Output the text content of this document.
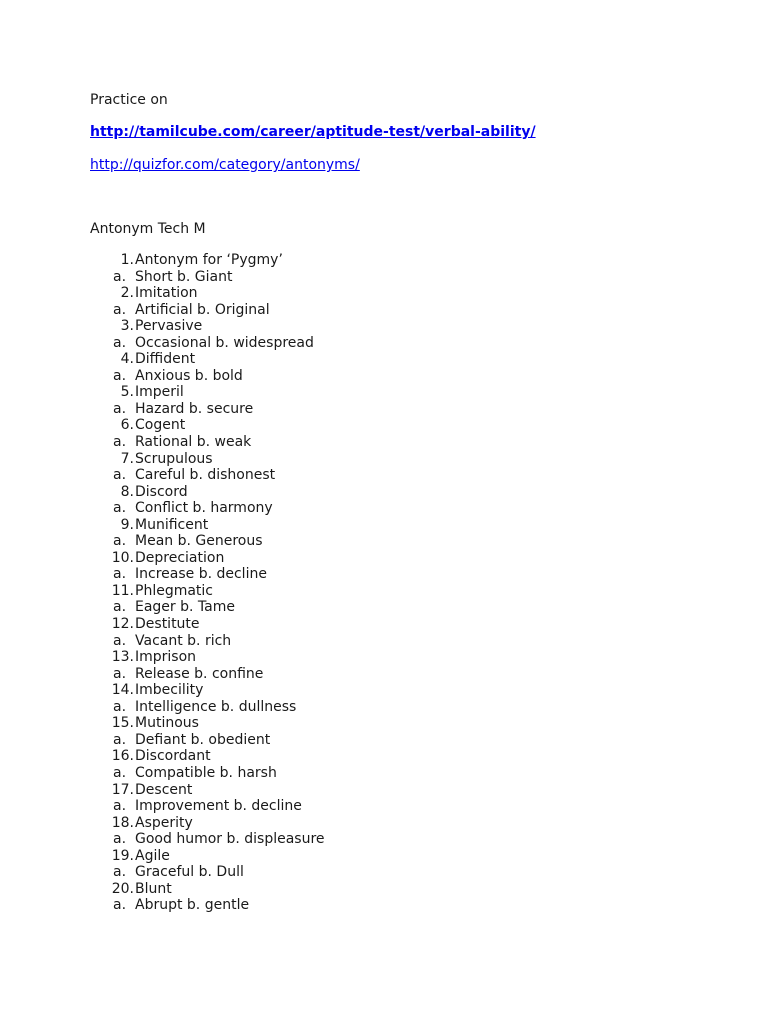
Practice on
http://tamilcube.com/career/aptitude-test/verbal-ability/
http://quizfor.com/category/antonyms/
Antonym Tech M
1. Antonym for ‘Pygmy’
a. Short b. Giant
2. Imitation
a. Artificial b. Original
3. Pervasive
a. Occasional b. widespread
4. Diffident
a. Anxious b. bold
5. Imperil
a. Hazard b. secure
6. Cogent
a. Rational b. weak
7. Scrupulous
a. Careful b. dishonest
8. Discord
a. Conflict b. harmony
9. Munificent
a. Mean b. Generous
10. Depreciation
a. Increase b. decline
11. Phlegmatic
a. Eager b. Tame
12. Destitute
a. Vacant b. rich
13. Imprison
a. Release b. confine
14. Imbecility
a. Intelligence b. dullness
15. Mutinous
a. Defiant b. obedient
16. Discordant
a. Compatible b. harsh
17. Descent
a. Improvement b. decline
18. Asperity
a. Good humor b. displeasure
19. Agile
a. Graceful b. Dull
20. Blunt
a. Abrupt b. gentle
